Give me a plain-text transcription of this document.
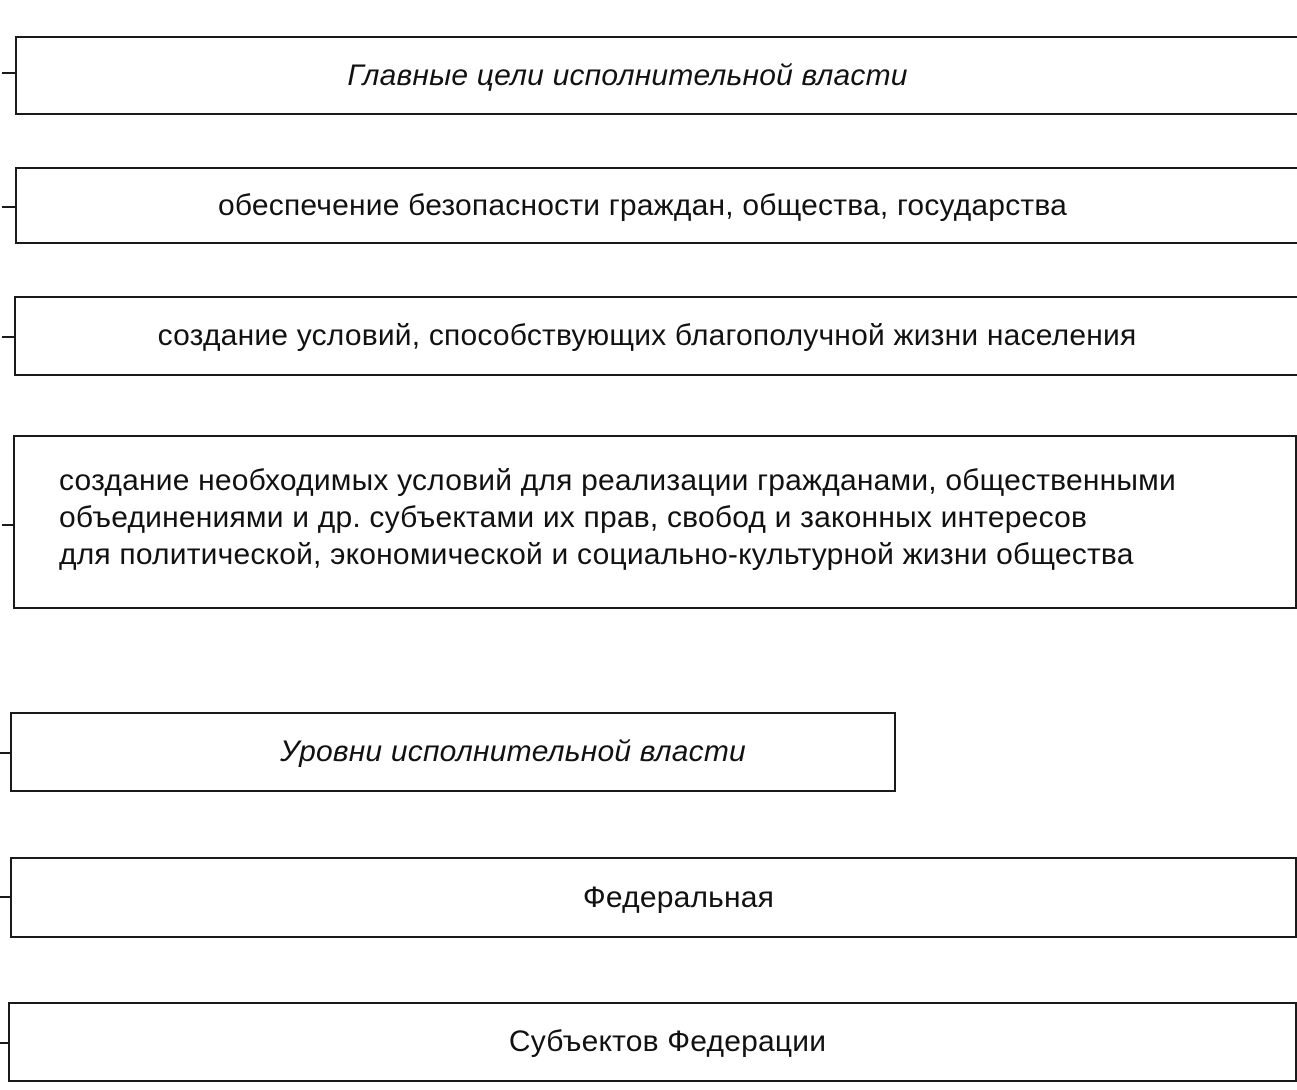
Главные цели исполнительной власти
обеспечение безопасности граждан, общества, государства
создание условий, способствующих благополучной жизни населения
создание необходимых условий для реализации гражданами, общественными
объединениями и др. субъектами их прав, свобод и законных интересов
для политической, экономической и социально-культурной жизни общества
Уровни исполнительной власти
Федеральная
Субъектов Федерации
